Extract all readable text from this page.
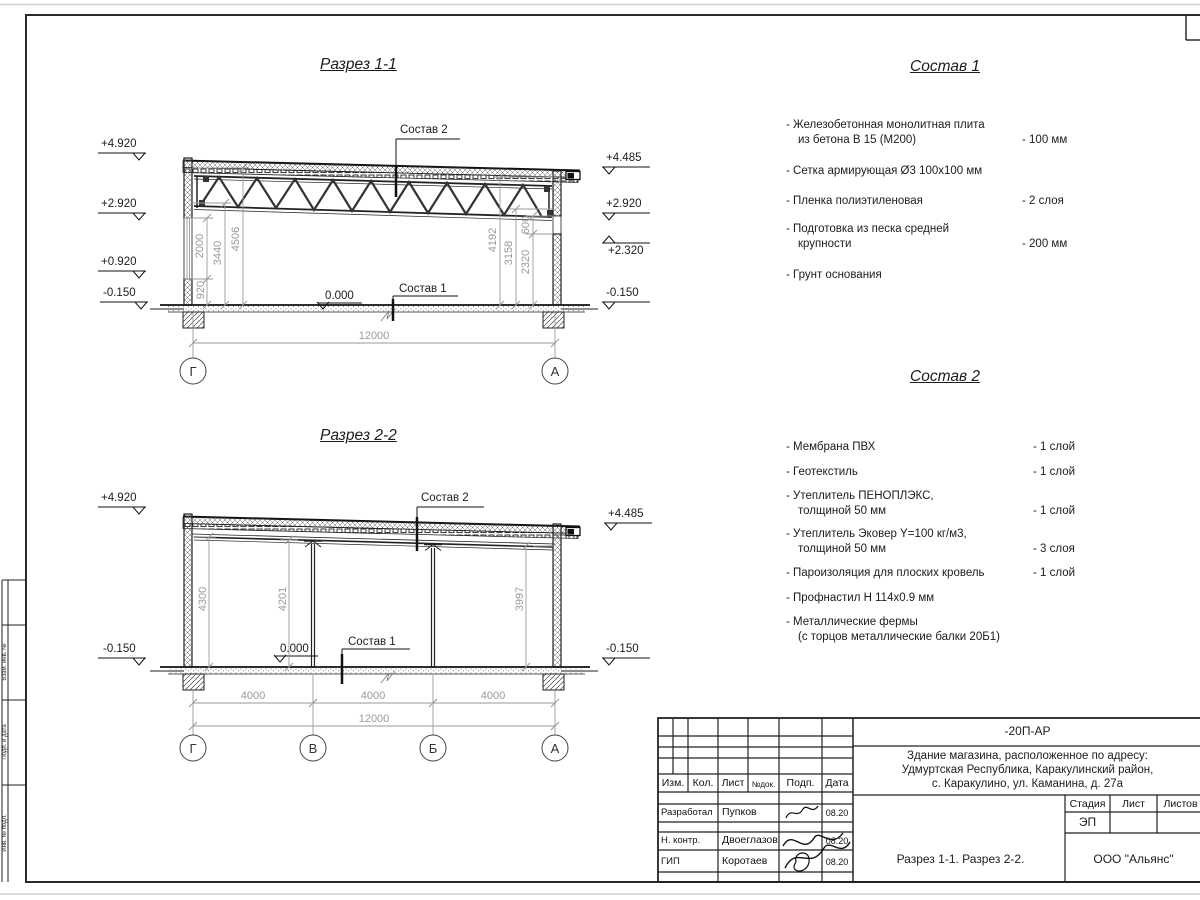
Разрез 1-1
Состав 2
Состав 1
0.000
+4.920
+2.920
+0.920
-0.150
+4.485
+2.920
+2.320
-0.150
920
2000 3440
4506	4192
3158 2320
600
12000
Г	А
Разрез 2-2
Состав 2
Состав 1
0.000
+4.920
-0.150
+4.485
-0.150
4300	4201	3997
4000	4000	4000
12000
Г	В	Б	А
Состав 1
- Железобетонная монолитная плита
из бетона В 15 (М200)	- 100 мм
- Сетка армирующая Ø3 100х100 мм
- Пленка полиэтиленовая	- 2 слоя
- Подготовка из песка средней
крупности	- 200 мм
- Грунт основания
Состав 2
- Мембрана ПВХ	- 1 слой
- Геотекстиль	- 1 слой
- Утеплитель ПЕНОПЛЭКС,
толщиной 50 мм	- 1 слой
- Утеплитель Эковер Y=100 кг/м3,
толщиной 50 мм	- 3 слоя
- Пароизоляция для плоских кровель	- 1 слой
- Профнастил Н 114х0.9 мм
- Металлические фермы
(с торцов металлические балки 20Б1)
-20П-АР
Здание магазина, расположенное по адресу:
Удмуртская Республика, Каракулинский район,
с. Каракулино, ул. Каманина, д. 27а
Изм. Кол. Лист №док.	Подп.	Дата
Разработал Пупков	08.20
Н. контр. Двоеглазов	08.20
ГИП	Коротаев	08.20
Стадия	Лист	Листов
ЭП
Разрез 1-1. Разрез 2-2.	ООО "Альянс"
Взам. инв. №
Подп. и дата
Инв. № подл.
